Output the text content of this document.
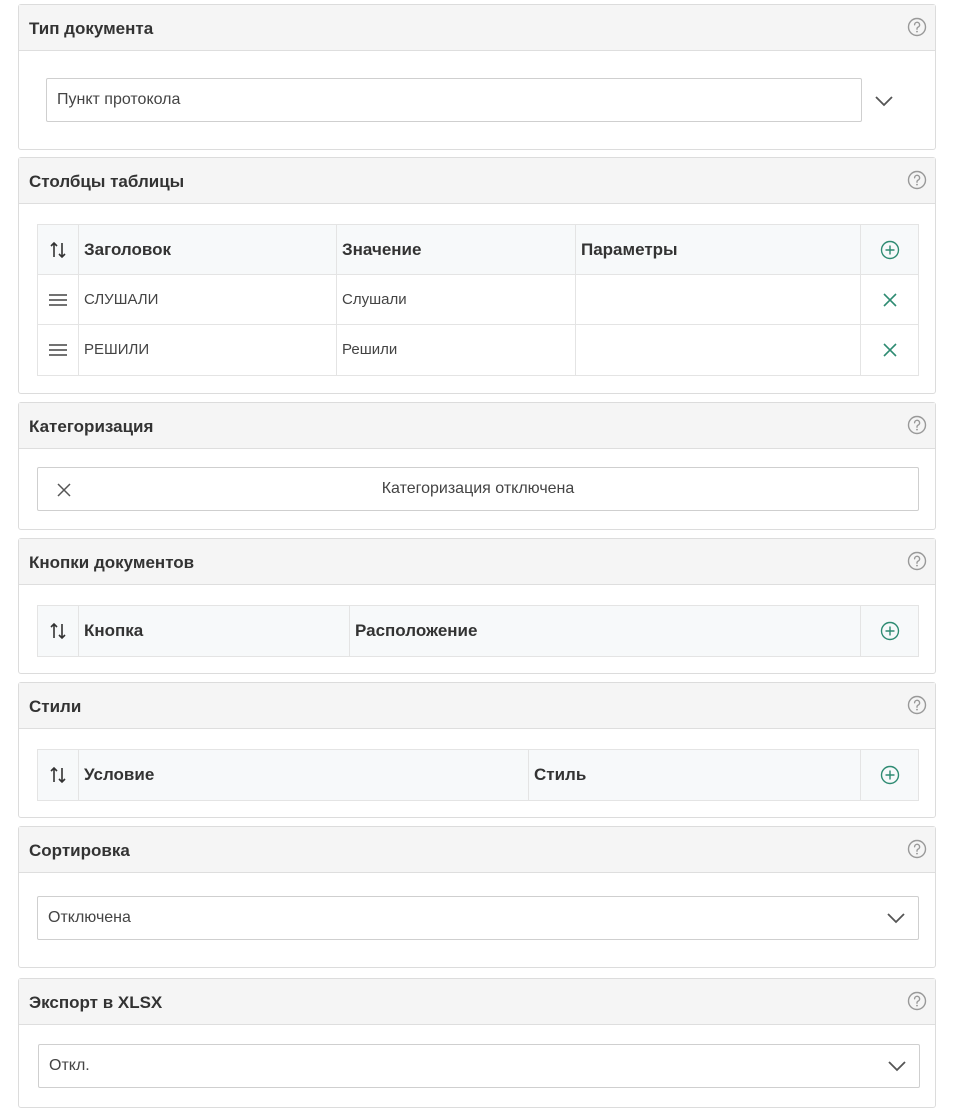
Тип документа
Пункт протокола
Столбцы таблицы
Заголовок	Значение	Параметры
СЛУШАЛИ	Слушали
РЕШИЛИ	Решили
Категоризация
Категоризация отключена
Кнопки документов
Кнопка	Расположение
Стили
Условие	Стиль
Сортировка
Отключена
Экспорт в XLSX
Откл.
